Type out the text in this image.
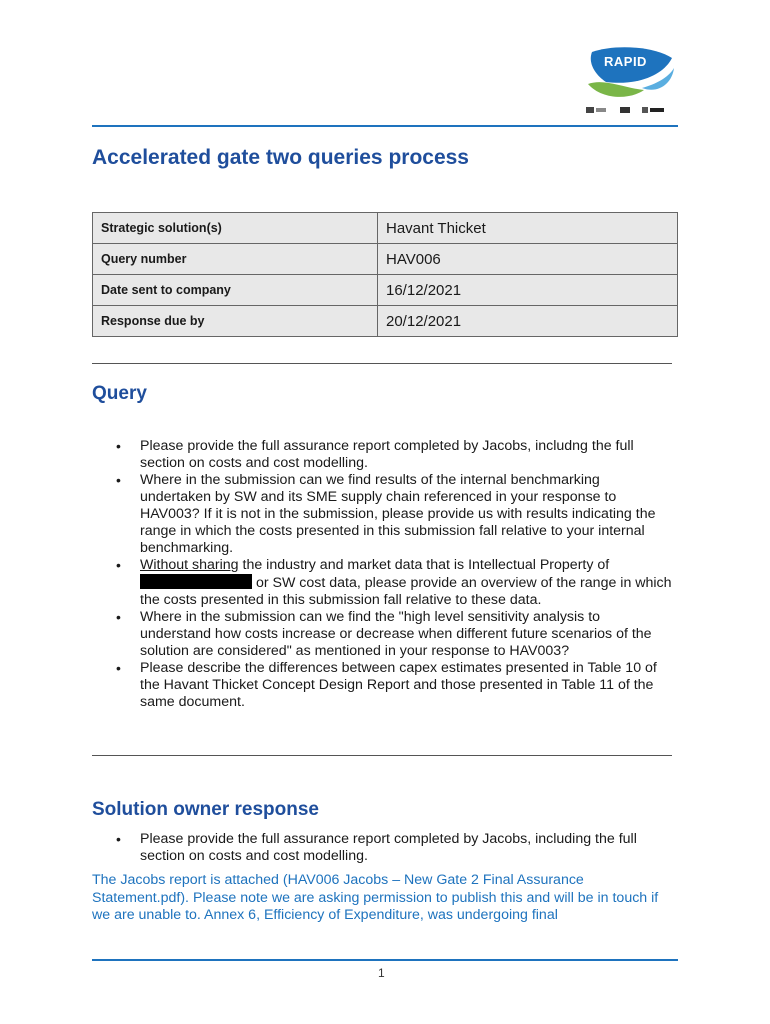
RAPID

Accelerated gate two queries process
Strategic solution(s)	Havant Thicket
Query number	HAV006
Date sent to company	16/12/2021
Response due by	20/12/2021
Query
• Please provide the full assurance report completed by Jacobs, includng the full section on costs and cost modelling.
• Where in the submission can we find results of the internal benchmarking undertaken by SW and its SME supply chain referenced in your response to HAV003? If it is not in the submission, please provide us with results indicating the range in which the costs presented in this submission fall relative to your internal benchmarking.
• Without sharing the industry and market data that is Intellectual Property of
or SW cost data, please provide an overview of the range in which the costs presented in this submission fall relative to these data.
• Where in the submission can we find the "high level sensitivity analysis to understand how costs increase or decrease when different future scenarios of the solution are considered" as mentioned in your response to HAV003?
• Please describe the differences between capex estimates presented in Table 10 of the Havant Thicket Concept Design Report and those presented in Table 11 of the same document.
Solution owner response
• Please provide the full assurance report completed by Jacobs, including the full section on costs and cost modelling.

The Jacobs report is attached (HAV006 Jacobs – New Gate 2 Final Assurance Statement.pdf). Please note we are asking permission to publish this and will be in touch if we are unable to. Annex 6, Efficiency of Expenditure, was undergoing final

1
